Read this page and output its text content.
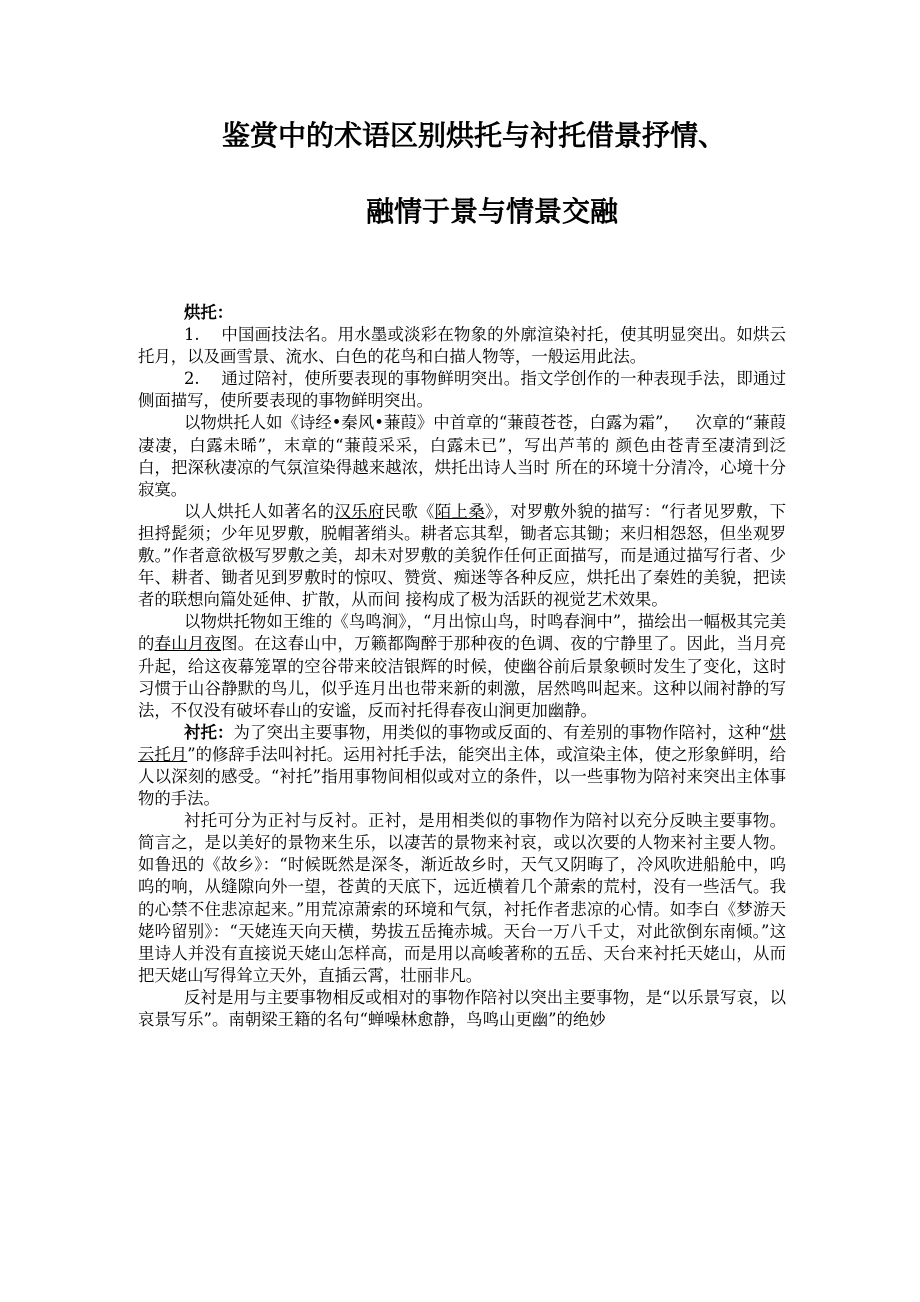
鉴赏中的术语区别烘托与衬托借景抒情、
融情于景与情景交融

烘托：

1.    中国画技法名。用水墨或淡彩在物象的外廓渲染衬托，使其明显突出。如烘云托月，以及画雪景、流水、白色的花鸟和白描人物等，一般运用此法。

2.    通过陪衬，使所要表现的事物鲜明突出。指文学创作的一种表现手法，即通过侧面描写，使所要表现的事物鲜明突出。

以物烘托人如《诗经•秦风•蒹葭》中首章的“蒹葭苍苍，白露为霜”，   次章的“蒹葭凄凄，白露未晞”，末章的“蒹葭采采，白露未已”，写出芦苇的 颜色由苍青至凄清到泛白，把深秋凄凉的气氛渲染得越来越浓，烘托出诗人当时 所在的环境十分清冷，心境十分寂寞。

以人烘托人如著名的汉乐府民歌《陌上桑》，对罗敷外貌的描写：“行者见罗敷，下担捋髭须；少年见罗敷，脱帽著绡头。耕者忘其犁，锄者忘其锄；来归相怨怒，但坐观罗敷。”作者意欲极写罗敷之美，却未对罗敷的美貌作任何正面描写，而是通过描写行者、少年、耕者、锄者见到罗敷时的惊叹、赞赏、痴迷等各种反应，烘托出了秦姓的美貌，把读者的联想向篇处延伸、扩散，从而间 接构成了极为活跃的视觉艺术效果。

以物烘托物如王维的《鸟鸣涧》，“月出惊山鸟，时鸣春涧中”，描绘出一幅极其完美的春山月夜图。在这春山中，万籁都陶醉于那种夜的色调、夜的宁静里了。因此，当月亮升起，给这夜幕笼罩的空谷带来皎洁银辉的时候，使幽谷前后景象顿时发生了变化，这时习惯于山谷静默的鸟儿，似乎连月出也带来新的刺激，居然鸣叫起来。这种以闹衬静的写法，不仅没有破坏春山的安谧，反而衬托得春夜山涧更加幽静。

衬托：为了突出主要事物，用类似的事物或反面的、有差别的事物作陪衬，这种“烘云托月”的修辞手法叫衬托。运用衬托手法，能突出主体，或渲染主体，使之形象鲜明，给人以深刻的感受。“衬托”指用事物间相似或对立的条件，以一些事物为陪衬来突出主体事物的手法。

衬托可分为正衬与反衬。正衬，是用相类似的事物作为陪衬以充分反映主要事物。简言之，是以美好的景物来生乐，以凄苦的景物来衬哀，或以次要的人物来衬主要人物。如鲁迅的《故乡》：“时候既然是深冬，渐近故乡时，天气又阴晦了，冷风吹进船舱中，呜呜的响，从缝隙向外一望，苍黄的天底下，远近横着几个萧索的荒村，没有一些活气。我的心禁不住悲凉起来。”用荒凉萧索的环境和气氛，衬托作者悲凉的心情。如李白《梦游天姥吟留别》：“天姥连天向天横，势拔五岳掩赤城。天台一万八千丈，对此欲倒东南倾。”这里诗人并没有直接说天姥山怎样高，而是用以高峻著称的五岳、天台来衬托天姥山，从而把天姥山写得耸立天外，直插云霄，壮丽非凡。

反衬是用与主要事物相反或相对的事物作陪衬以突出主要事物，是“以乐景写哀，以哀景写乐”。南朝梁王籍的名句“蝉噪林愈静，鸟鸣山更幽”的绝妙
